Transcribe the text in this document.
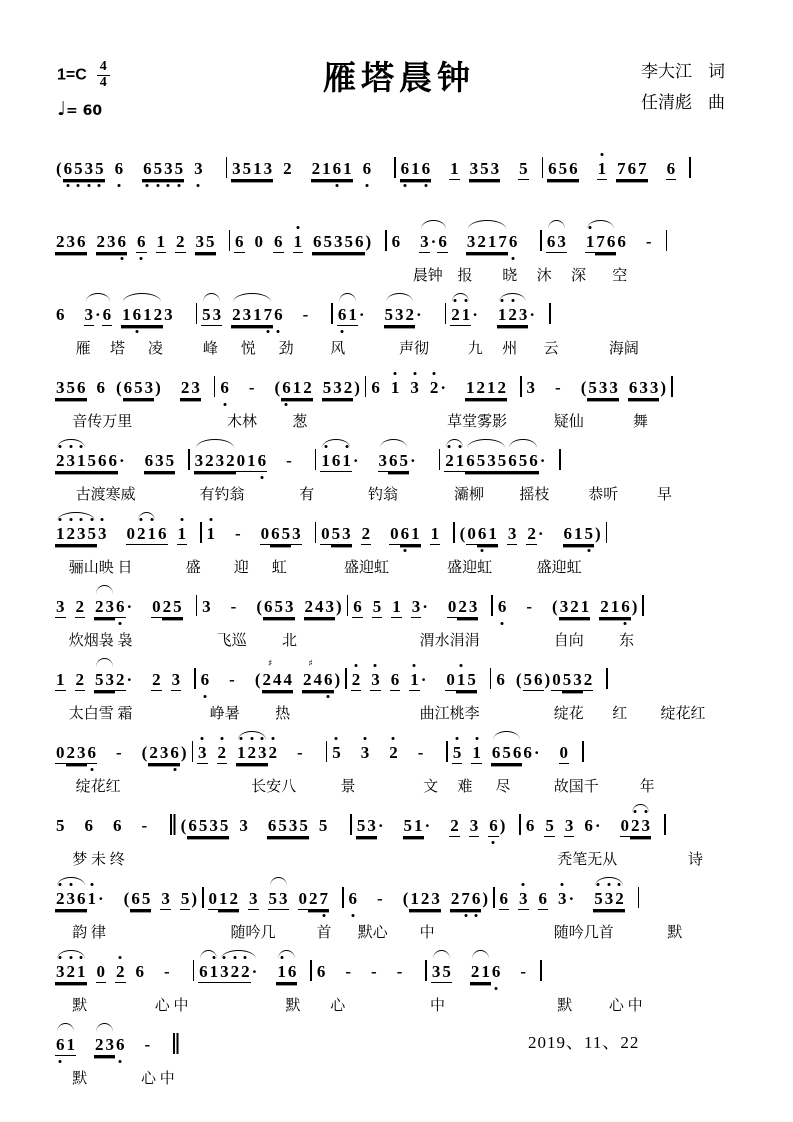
$1=C \frac{4}{4}$
♩= 60
雁塔晨钟	李大江 词
任清彪 曲
( 6 5 3 5 6 6 5 3 5 3 3 5 1 3 2 2 1 6 1 6 6 1 6 1 3 5 3 5 6 5 6 1 7 6 7 6
2 3 6 2 3 6 6 1 2 3 5 6 0 6 1 6 5 3 5 6 ) 6 3 · 6 3 2 1 7 6 6 3 1 7 6 6 -
晨钟 报 晓 沐 深 空
6 3 · 6 1 6 1 2 3 5 3 2 3 1 7 6 - 6 1 · 5 3 2 · 2 1 · 1 2 3 ·
雁 塔 凌	峰 悦 劲 风	声彻	九 州 云	海阔
3 5 6 6 ( 6 5 3 ) 2 3 6 - ( 6 1 2 5 3 2 ) 6 1 3 2 · 1 2 1 2 3 - ( 5 3 3 6 3 3 )
音传万里	木林 葱	草堂雾影	疑仙	舞
2 3 1 5 6 6 · 6 3 5 3 2 3 2 0 1 6 - 1 6 1 · 3 6 5 · 2 1 6 5 3 5 6 5 6 ·
古渡寒威	有钓翁	有	钓翁	灞柳 摇枝	恭听	早
1 2 3 5 3 0 2 1 6 1 1 - 0 6 5 3 0 5 3 2 0 6 1 1 ( 0 6 1 3 2 · 6 1 5 )
骊山映 日	盛 迎 虹	盛迎虹	盛迎虹	盛迎虹
3 2 2 3 6 · 0 2 5 3 - ( 6 5 3 2 4 3 ) 6 5 1 3 · 0 2 3 6 - ( 3 2 1 2 1 6 )
炊烟袅 袅	飞巡 北	渭水涓涓	自向 东
1 2 5 3 2 · 2 3 6 - ( 2 ♯ 4 4 2 ♯ 4 6 ) 2 3 6 1 · 0 1 5 6 ( 5 6 ) 0 5 3 2
太白雪 霜	峥暑 热	曲江桃李	绽花 红 绽花红
0 2 3 6 - ( 2 3 6 ) 3 2 1 2 3 2 - 5 3 2 - 5 1 6 5 6 6 · 0
绽花红	长安八	景	文 难 尽	故国千	年
5 6 6 - ( 6 5 3 5 3 6 5 3 5 5 5 3 · 5 1 · 2 3 6 ) 6 5 3 6 · 0 2 3
梦 未 终	秃笔无从	诗
2 3 6 1 · ( 6 5 3 5 ) 0 1 2 3 5 3 0 2 7 6 - ( 1 2 3 2 7 6 ) 6 3 6 3 · 5 3 2
韵 律	随吟几	首 默心 中	随吟几首	默
3 2 1 0 2 6 - 6 1 3 2 2 · 1 6 6 - - - 3 5 2 1 6 -
默	心 中	默 心	中	默 心 中
6 1 2 3 6 -
默	心 中
2019、11、22
